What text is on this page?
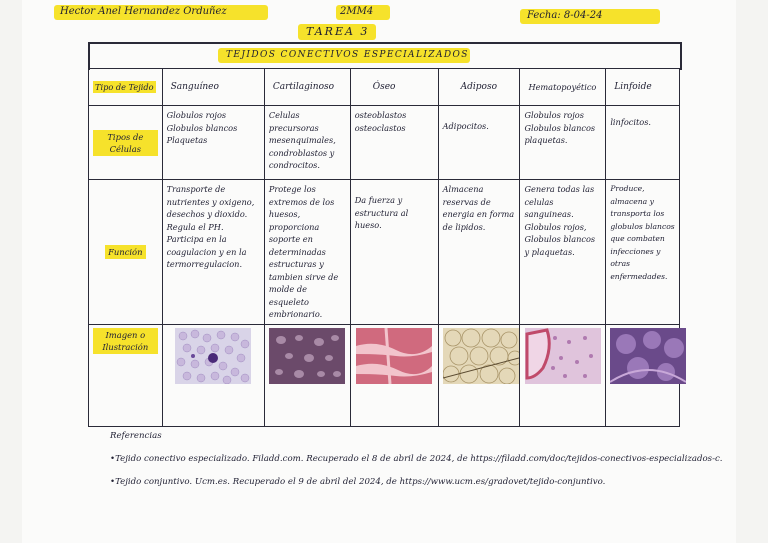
Hector Anel Hernandez Orduñez	2MM4	Fecha: 8-04-24
TAREA 3
TEJIDOS CONECTIVOS ESPECIALIZADOS
Tipo de Tejido	Sanguíneo	Cartilaginoso	Óseo	Adiposo	Hematopoyético	Linfoide
Tipos de Células	Globulos rojos Globulos blancos Plaquetas	Celulas precursoras mesenquimales, condroblastos y condrocitos.	osteoblastos osteoclastos	Adipocitos.	Globulos rojos Globulos blancos plaquetas.	linfocitos.
Función	Transporte de nutrientes y oxigeno, desechos y dioxido. Regula el PH. Participa en la coagulacion y en la termorregulacion.	Protege los extremos de los huesos, proporciona soporte en determinadas estructuras y tambien sirve de molde de esqueleto embrionario.	Da fuerza y estructura al hueso.	Almacena reservas de energia en forma de lipidos.	Genera todas las celulas sanguineas. Globulos rojos, Globulos blancos y plaquetas.	Produce, almacena y transporta los globulos blancos que combaten infecciones y otras enfermedades.
Imagen o Ilustración	

Referencias

•Tejido conectivo especializado. Filadd.com. Recuperado el 8 de abril de 2024, de https://filadd.com/doc/tejidos-conectivos-especializados-c.

•Tejido conjuntivo. Ucm.es. Recuperado el 9 de abril del 2024, de https://www.ucm.es/gradovet/tejido-conjuntivo.
